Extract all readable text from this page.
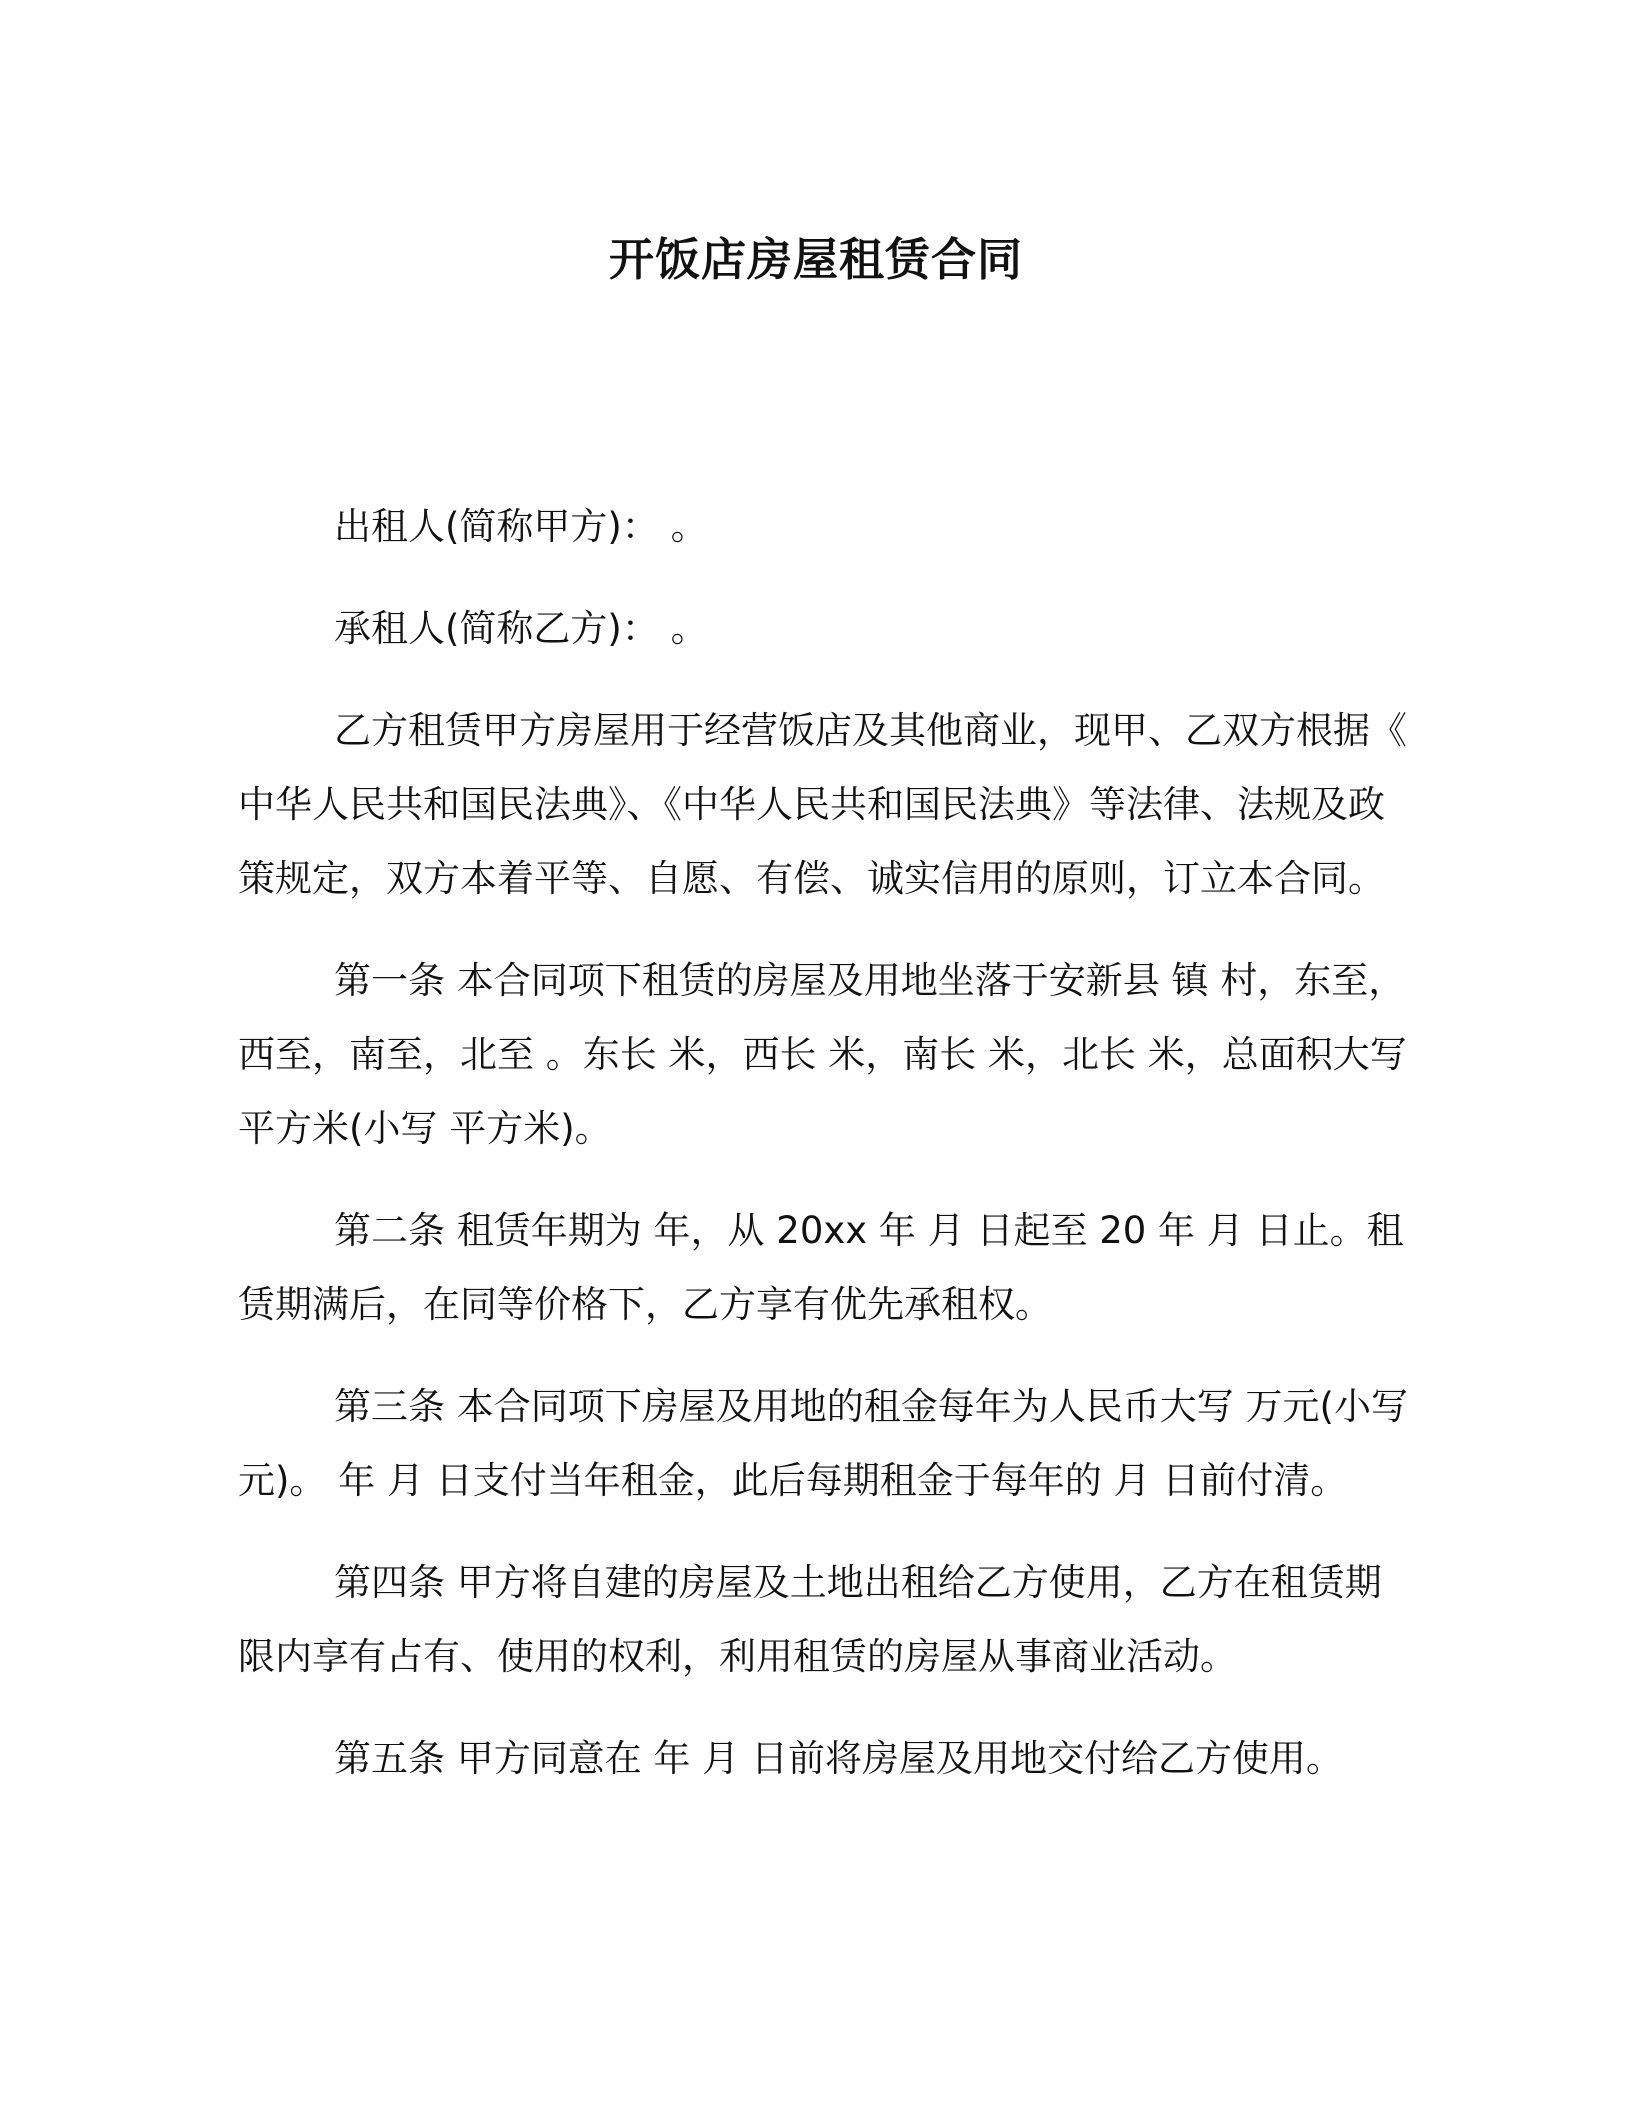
开饭店房屋租赁合同

出租人(简称甲方)： 。

承租人(简称乙方)： 。

乙方租赁甲方房屋用于经营饭店及其他商业，现甲、乙双方根据《中华人民共和国民法典》、《中华人民共和国民法典》等法律、法规及政策规定，双方本着平等、自愿、有偿、诚实信用的原则，订立本合同。

第一条 本合同项下租赁的房屋及用地坐落于安新县 镇 村，东至，西至，南至，北至 。东长 米，西长 米，南长 米，北长 米，总面积大写 平方米(小写 平方米)。

第二条 租赁年期为 年，从 20xx 年 月 日起至 20 年 月 日止。租赁期满后，在同等价格下，乙方享有优先承租权。

第三条 本合同项下房屋及用地的租金每年为人民币大写 万元(小写 元)。 年 月 日支付当年租金，此后每期租金于每年的 月 日前付清。

第四条 甲方将自建的房屋及土地出租给乙方使用，乙方在租赁期限内享有占有、使用的权利，利用租赁的房屋从事商业活动。

第五条 甲方同意在 年 月 日前将房屋及用地交付给乙方使用。
